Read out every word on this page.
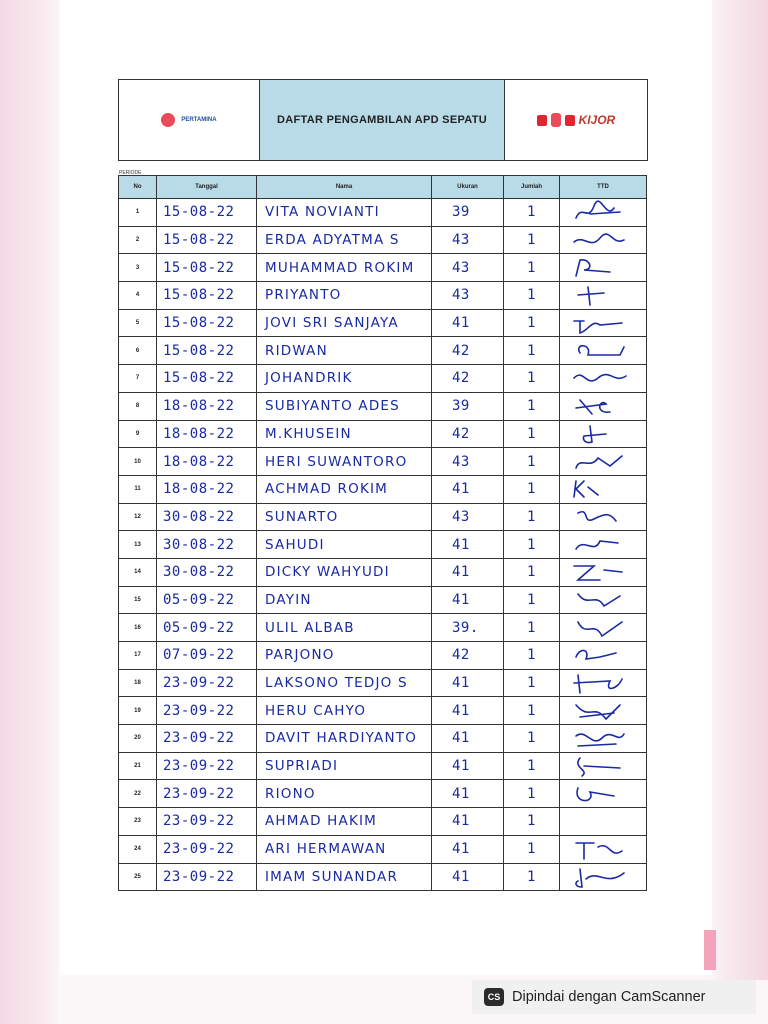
PERTAMINA	DAFTAR PENGAMBILAN APD SEPATU

	KIJOR
PERIODE
No	Tanggal	Nama	Ukuran	Jumlah	TTD
1	15-08-22 VITA NOVIANTI	39	1
2	15-08-22 ERDA ADYATMA S	43	1
3	15-08-22 MUHAMMAD ROKIM	43	1
4	15-08-22 PRIYANTO	43	1
5	15-08-22 JOVI SRI SANJAYA	41	1
6	15-08-22 RIDWAN	42	1
7	15-08-22 JOHANDRIK	42	1
8	18-08-22 SUBIYANTO ADES	39	1
9	18-08-22 M.KHUSEIN	42	1
10	18-08-22 HERI SUWANTORO	43	1
11	18-08-22 ACHMAD ROKIM	41	1
12	30-08-22 SUNARTO	43	1
13	30-08-22 SAHUDI	41	1
14	30-08-22 DICKY WAHYUDI	41	1
15	05-09-22 DAYIN	41	1
16	05-09-22 ULIL ALBAB	39.	1
17	07-09-22 PARJONO	42	1
18	23-09-22 LAKSONO TEDJO S	41	1
19	23-09-22 HERU CAHYO	41	1
20	23-09-22 DAVIT HARDIYANTO 41	1
21	23-09-22 SUPRIADI	41	1
22	23-09-22 RIONO	41	1
23	23-09-22 AHMAD HAKIM	41	1
24	23-09-22 ARI HERMAWAN	41	1
25	23-09-22 IMAM SUNANDAR	41	1
CS Dipindai dengan CamScanner
